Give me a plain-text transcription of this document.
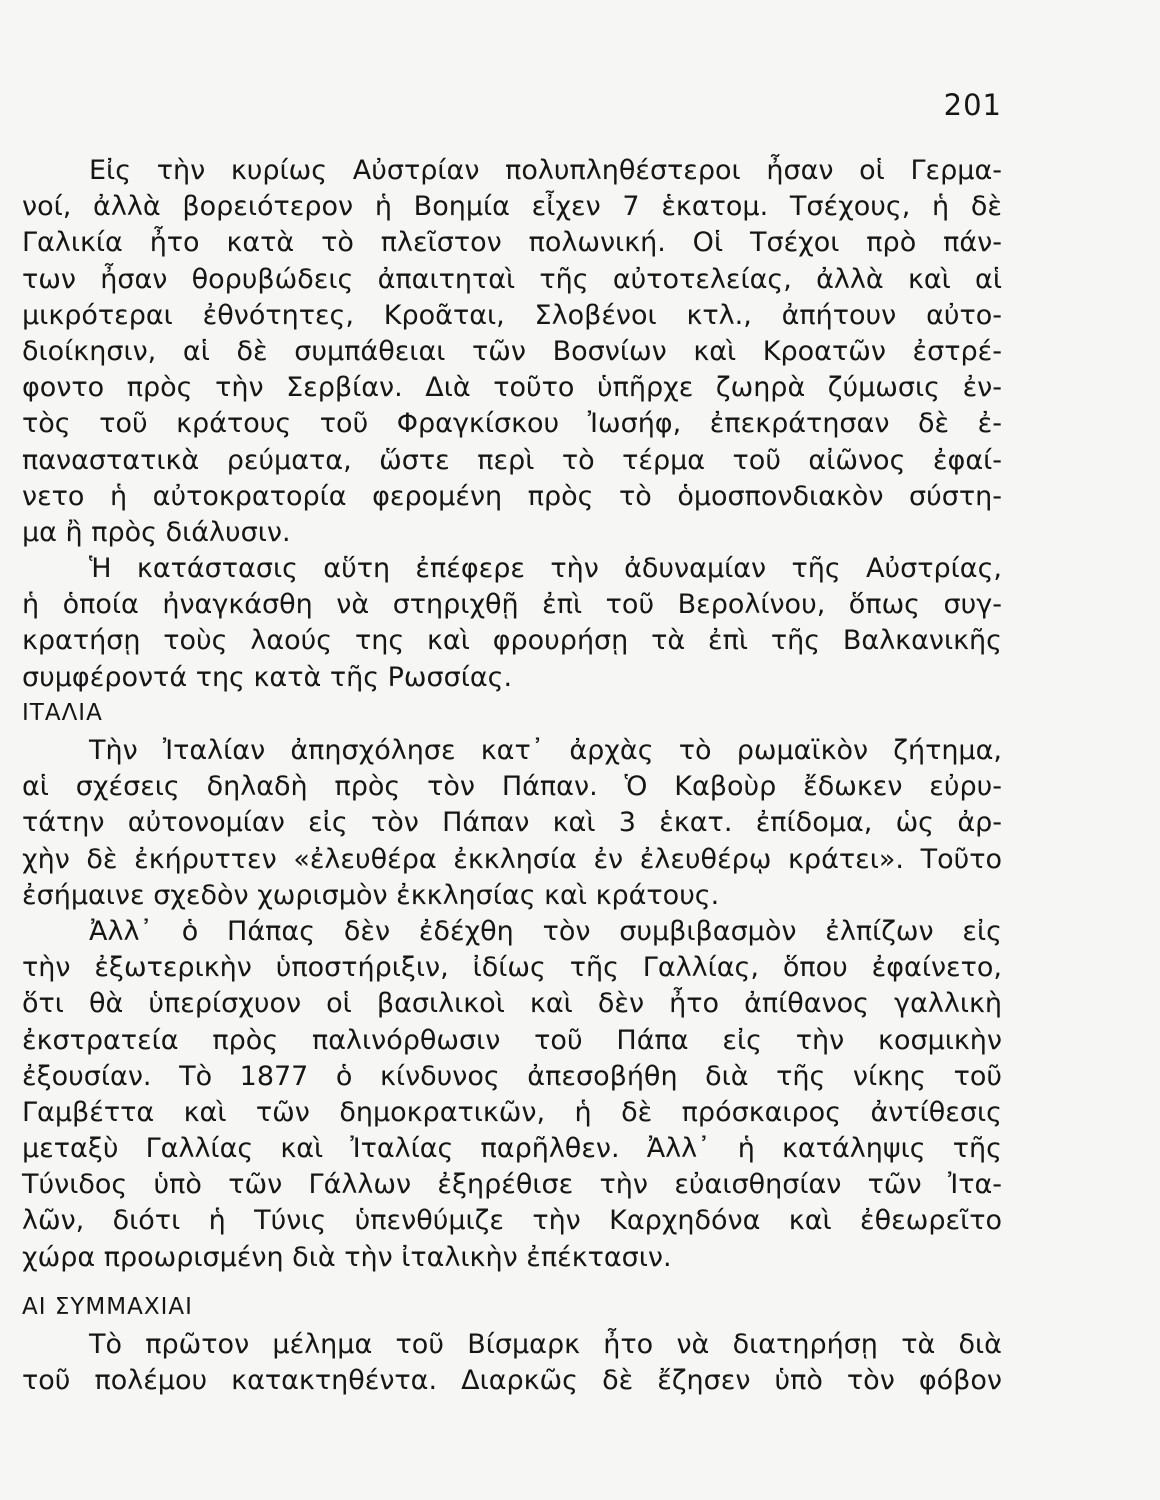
201
Εἰς τὴν κυρίως Αὐστρίαν πολυπληθέστεροι ἦσαν οἱ Γερμα-
νοί, ἀλλὰ βορειότερον ἡ Βοημία εἶχεν 7 ἑκατομ. Τσέχους, ἡ δὲ
Γαλικία ἦτο κατὰ τὸ πλεῖστον πολωνική. Οἱ Τσέχοι πρὸ πάν-
των ἦσαν θορυβώδεις ἀπαιτηταὶ τῆς αὐτοτελείας, ἀλλὰ καὶ αἱ
μικρότεραι ἐθνότητες, Κροᾶται, Σλοβένοι κτλ., ἀπήτουν αὐτο-
διοίκησιν, αἱ δὲ συμπάθειαι τῶν Βοσνίων καὶ Κροατῶν ἐστρέ-
φοντο πρὸς τὴν Σερβίαν. Διὰ τοῦτο ὑπῆρχε ζωηρὰ ζύμωσις ἐν-
τὸς τοῦ κράτους τοῦ Φραγκίσκου Ἰωσήφ, ἐπεκράτησαν δὲ ἐ-
παναστατικὰ ρεύματα, ὥστε περὶ τὸ τέρμα τοῦ αἰῶνος ἐφαί-
νετο ἡ αὐτοκρατορία φερομένη πρὸς τὸ ὁμοσπονδιακὸν σύστη-
μα ἢ πρὸς διάλυσιν.
Ἡ κατάστασις αὕτη ἐπέφερε τὴν ἀδυναμίαν τῆς Αὐστρίας,
ἡ ὁποία ἠναγκάσθη νὰ στηριχθῇ ἐπὶ τοῦ Βερολίνου, ὅπως συγ-
κρατήσῃ τοὺς λαούς της καὶ φρουρήσῃ τὰ ἐπὶ τῆς Βαλκανικῆς
συμφέροντά της κατὰ τῆς Ρωσσίας.
ΙΤΑΛΙΑ
Τὴν Ἰταλίαν ἀπησχόλησε κατ᾽ ἀρχὰς τὸ ρωμαϊκὸν ζήτημα,
αἱ σχέσεις δηλαδὴ πρὸς τὸν Πάπαν. Ὁ Καβοὺρ ἔδωκεν εὐρυ-
τάτην αὐτονομίαν εἰς τὸν Πάπαν καὶ 3 ἑκατ. ἐπίδομα, ὡς ἀρ-
χὴν δὲ ἐκήρυττεν «ἐλευθέρα ἐκκλησία ἐν ἐλευθέρῳ κράτει». Τοῦτο
ἐσήμαινε σχεδὸν χωρισμὸν ἐκκλησίας καὶ κράτους.
Ἀλλ᾽ ὁ Πάπας δὲν ἐδέχθη τὸν συμβιβασμὸν ἐλπίζων εἰς
τὴν ἐξωτερικὴν ὑποστήριξιν, ἰδίως τῆς Γαλλίας, ὅπου ἐφαίνετο,
ὅτι θὰ ὑπερίσχυον οἱ βασιλικοὶ καὶ δὲν ἦτο ἀπίθανος γαλλικὴ
ἐκστρατεία πρὸς παλινόρθωσιν τοῦ Πάπα εἰς τὴν κοσμικὴν
ἐξουσίαν. Τὸ 1877 ὁ κίνδυνος ἀπεσοβήθη διὰ τῆς νίκης τοῦ
Γαμβέττα καὶ τῶν δημοκρατικῶν, ἡ δὲ πρόσκαιρος ἀντίθεσις
μεταξὺ Γαλλίας καὶ Ἰταλίας παρῆλθεν. Ἀλλ᾽ ἡ κατάληψις τῆς
Τύνιδος ὑπὸ τῶν Γάλλων ἐξηρέθισε τὴν εὐαισθησίαν τῶν Ἰτα-
λῶν, διότι ἡ Τύνις ὑπενθύμιζε τὴν Καρχηδόνα καὶ ἐθεωρεῖτο
χώρα προωρισμένη διὰ τὴν ἰταλικὴν ἐπέκτασιν.
ΑΙ ΣΥΜΜΑΧΙΑΙ
Τὸ πρῶτον μέλημα τοῦ Βίσμαρκ ἦτο νὰ διατηρήσῃ τὰ διὰ
τοῦ πολέμου κατακτηθέντα. Διαρκῶς δὲ ἔζησεν ὑπὸ τὸν φόβον
